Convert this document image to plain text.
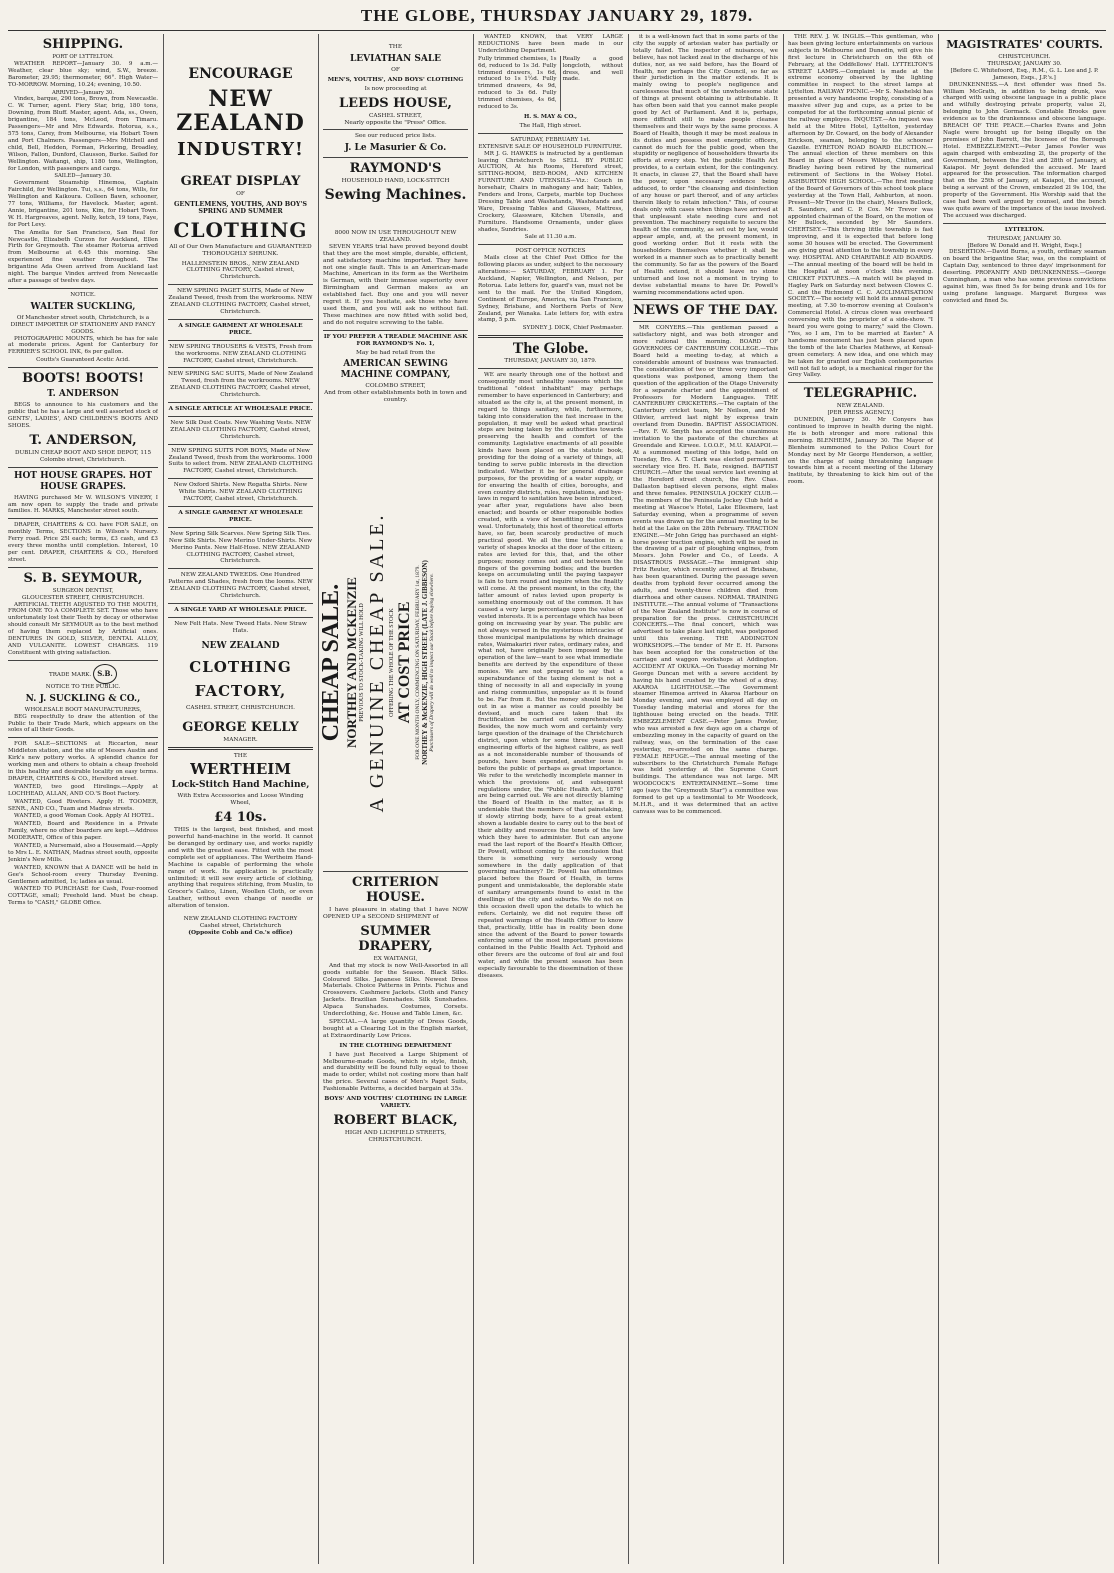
THE GLOBE, THURSDAY JANUARY 29, 1879.
SHIPPING.
PORT OF LYTTELTON.

WEATHER REPORT—January 30. 9 a.m.—Weather, clear blue sky; wind, S.W., breeze. Barometer, 29.95; thermometer, 66°. High Water—TO-MORROW. Morning, 10.24; evening, 10.50.

ARRIVED—January 30.

Vindex, barque, 290 tons, Brown, from Newcastle. C. W. Turner, agent. Fiery Star, brig, 180 tons, Downing, from Bluff. Master, agent. Ada, ss., Owen, brigantine, 184 tons, McLeod, from Timaru. Passengers—Mr and Mrs Edwards. Rotorua, s.s., 575 tons, Carey, from Melbourne, via Hobart Town and Port Chalmers. Passengers—Mrs Mitchell and child, Bell, Hedden, Forman, Pickering, Broadley, Wilson, Fallon, Dunford, Clausson, Burke. Sailed for Wellington. Waitangi, ship, 1180 tons, Wellington, for London, with passengers and cargo.

SAILED—January 30.

Government Steamship Hinemoa, Captain Fairchild, for Wellington. Tui, s.s., 64 tons, Wills, for Wellington and Kaikoura. Colleen Bawn, schooner, 77 tons, Williams, for Havelock. Master, agent. Annie, brigantine, 201 tons, Kim, for Hobart Town. W. H. Hargreaves, agent. Nelly, ketch, 19 tons, Faye, for Port Levy.

The Amelia for San Francisco, San Real for Newcastle, Elizabeth Curzon for Auckland, Ellen Firth for Greymouth. The steamer Rotorua arrived from Melbourne at 6.45 this morning. She experienced fine weather throughout. The brigantine Ada Owen arrived from Auckland last night. The barque Vindex arrived from Newcastle after a passage of twelve days.

NOTICE.
WALTER SUCKLING,
Of Manchester street south, Christchurch, is a DIRECT IMPORTER OF STATIONERY AND FANCY GOODS.

PHOTOGRAPHIC MOUNTS, which he has for sale at moderate prices. Agent for Canterbury for FERRIER'S SCHOOL INK, 6s per gallon.

Coutts's Guaranteed Acetic Acid.
BOOTS! BOOTS!
T. ANDERSON

BEGS to announce to his customers and the public that he has a large and well assorted stock of GENTS', LADIES', AND CHILDREN'S BOOTS AND SHOES.

T. ANDERSON,
DUBLIN CHEAP BOOT AND SHOE DEPOT, 115 Colombo street, Christchurch.
HOT HOUSE GRAPES. HOT HOUSE GRAPES.

HAVING purchased Mr W. WILSON'S VINERY, I am now open to supply the trade and private families. H. MARKS, Manchester street south.

DRAPER, CHARTERS & CO. have FOR SALE, on monthly Terms, SECTIONS in Wilson's Nursery. Ferry road. Price 25l each; terms, £3 cash, and £3 every three months until completion. Interest, 10 per cent. DRAPER, CHARTERS & CO., Hereford street.

S. B. SEYMOUR,
SURGEON DENTIST,
GLOUCESTER STREET, CHRISTCHURCH.

ARTIFICIAL TEETH ADJUSTED TO THE MOUTH, FROM ONE TO A COMPLETE SET. Those who have unfortunately lost their Teeth by decay or otherwise should consult Mr SEYMOUR as to the best method of having them replaced by Artificial ones. DENTURES IN GOLD, SILVER, DENTAL ALLOY, AND VULCANITE. LOWEST CHARGES. 119 Constituent with giving satisfaction.

TRADE MARK. S.B.
NOTICE TO THE PUBLIC.
N. J. SUCKLING & CO.,
WHOLESALE BOOT MANUFACTURERS,

BEG respectfully to draw the attention of the Public to their Trade Mark, which appears on the soles of all their Goods.

FOR SALE—SECTIONS at Riccarton, near Middleton station, and the site of Messrs Austin and Kirk's new pottery works. A splendid chance for working men and others to obtain a cheap freehold in this healthy and desirable locality on easy terms. DRAPER, CHARTERS & CO., Hereford street.

WANTED, two good Hirelings.—Apply at LOCHHEAD, ALLAN, AND CO.'S Boot Factory.

WANTED, Good Riveters. Apply H. TOOMER, SENR., AND CO., Tuam and Madras streets.

WANTED, a good Woman Cook. Apply AI HOTEL.

WANTED, Board and Residence in a Private Family, where no other boarders are kept.—Address MODERATE, Office of this paper.

WANTED, a Nursemaid, also a Housemaid.—Apply to Mrs L. E. NATHAN, Madras street south, opposite Jenkin's New Mills.

WANTED, KNOWN that A DANCE will be held in Gee's School-room every Thursday Evening. Gentlemen admitted, 1s; ladies as usual.

WANTED TO PURCHASE for Cash, Four-roomed COTTAGE, small; Freehold land. Must be cheap. Terms to "CASH," GLOBE Office.

ENCOURAGE
NEW ZEALAND
INDUSTRY!
GREAT DISPLAY
OF
GENTLEMENS, YOUTHS, AND BOY'S SPRING AND SUMMER
CLOTHING
All of Our Own Manufacture and GUARANTEED THOROUGHLY SHRUNK.
HALLENSTEIN BROS., NEW ZEALAND CLOTHING FACTORY, Cashel street, Christchurch.
NEW SPRING PAGET SUITS, Made of New Zealand Tweed, fresh from the workrooms. NEW ZEALAND CLOTHING FACTORY, Cashel street, Christchurch.
A SINGLE GARMENT AT WHOLESALE PRICE.
NEW SPRING TROUSERS & VESTS, Fresh from the workrooms. NEW ZEALAND CLOTHING FACTORY, Cashel street, Christchurch.
NEW SPRING SAC SUITS, Made of New Zealand Tweed, fresh from the workrooms. NEW ZEALAND CLOTHING FACTORY, Cashel street, Christchurch.
A SINGLE ARTICLE AT WHOLESALE PRICE.
New Silk Dust Coats. New Washing Vests. NEW ZEALAND CLOTHING FACTORY, Cashel street, Christchurch.
NEW SPRING SUITS FOR BOYS, Made of New Zealand Tweed, fresh from the workrooms. 1000 Suits to select from. NEW ZEALAND CLOTHING FACTORY, Cashel street, Christchurch.
New Oxford Shirts. New Regatta Shirts. New White Shirts. NEW ZEALAND CLOTHING FACTORY, Cashel street, Christchurch.
A SINGLE GARMENT AT WHOLESALE PRICE.
New Spring Silk Scarves. New Spring Silk Ties. New Silk Shirts. New Merino Under-Shirts. New Merino Pants. New Half-Hose. NEW ZEALAND CLOTHING FACTORY, Cashel street, Christchurch.
NEW ZEALAND TWEEDS. One Hundred Patterns and Shades, fresh from the looms. NEW ZEALAND CLOTHING FACTORY, Cashel street, Christchurch.
A SINGLE YARD AT WHOLESALE PRICE.
New Felt Hats. New Tweed Hats. New Straw Hats.
NEW ZEALAND
CLOTHING FACTORY,
CASHEL STREET, CHRISTCHURCH.
GEORGE KELLY
MANAGER.
THE
WERTHEIM
Lock-Stitch Hand Machine,
With Extra Accessories and Loose Winding Wheel,
£4 10s.

THIS is the largest, best finished, and most powerful hand-machine in the world. It cannot be deranged by ordinary use, and works rapidly and with the greatest ease. Fitted with the most complete set of appliances. The Wertheim Hand-Machine is capable of performing the whole range of work. Its application is practically unlimited; it will sew every article of clothing, anything that requires stitching, from Muslin, to Grocer's Calico, Linen, Woollen Cloth, or even Leather, without even change of needle or alteration of tension.

NEW ZEALAND CLOTHING FACTORY
Cashel street, Christchurch
(Opposite Cobb and Co.'s office)
THE
LEVIATHAN SALE
OF
MEN'S, YOUTHS', AND BOYS' CLOTHING
Is now proceeding at
LEEDS HOUSE,
CASHEL STREET,
Nearly opposite the "Press" Office.
See our reduced price lists.
J. Le Masurier & Co.
RAYMOND'S
HOUSEHOLD HAND, LOCK-STITCH
Sewing Machines.
8000 NOW IN USE THROUGHOUT NEW ZEALAND.

SEVEN YEARS trial have proved beyond doubt that they are the most simple, durable, efficient, and satisfactory machine imported. They have not one single fault. This is an American-made Machine, American in its form as the Wertheim is German, with their immense superiority over Birmingham and German makes as an established fact. Buy one and you will never regret it. If you hesitate, ask those who have used them, and you will ask no without fail. These machines are now fitted with solid bed, and do not require screwing to the table.

IF YOU PREFER A TREADLE MACHINE ASK FOR RAYMOND'S No. 1,
May be had retail from the
AMERICAN SEWING MACHINE COMPANY,
COLOMBO STREET,
And from other establishments both in town and country.
CHEAP SALE. NORTHEY AND MCKENZIE PREVIOUS TO STOCK-TAKING WILL HOLD A GENUINE CHEAP SALE. OFFERING THE WHOLE OF THE STOCK AT COST PRICE FOR ONE MONTH ONLY, COMMENCING ON SATURDAY, FEBRUARY 1st, 1879. NORTHEY & McKENZIE, HIGH STREET, (LATE J. GIBBESON) Purchasers of Drapery will do well to inspect our Stock before buying elsewhere.
CRITERION HOUSE.

I have pleasure in stating that I have NOW OPENED UP a SECOND SHIPMENT of

SUMMER DRAPERY,
EX WAITANGI,

And that my stock is now Well-Assorted in all goods suitable for the Season. Black Silks. Coloured Silks. Japanese Silks. Newest Dress Materials. Choice Patterns in Prints. Fichus and Crossovers. Cashmere Jackets. Cloth and Fancy Jackets. Brazilian Sunshades. Silk Sunshades. Alpaca Sunshades. Costumes, Corsets. Underclothing, &c. House and Table Linen, &c.

SPECIAL.—A large quantity of Dress Goods, bought at a Clearing Lot in the English market, at Extraordinarily Low Prices.

IN THE CLOTHING DEPARTMENT

I have just Received a Large Shipment of Melbourne-made Goods, which in style, finish, and durability will be found fully equal to those made to order, whilst not costing more than half the price. Several cases of Men's Paget Suits, Fashionable Patterns, a decided bargain at 35s.

BOYS' AND YOUTHS' CLOTHING IN LARGE VARIETY.
ROBERT BLACK,
HIGH AND LICHFIELD STREETS, CHRISTCHURCH.

WANTED KNOWN, that VERY LARGE REDUCTIONS have been made in our Underclothing Department.

Fully trimmed chemises, 1s 6d, reduced to 1s 3d. Fully trimmed drawers, 1s 6d, reduced to 1s 1½d. Fully trimmed drawers, 4s 9d, reduced to 3s 6d. Fully trimmed chemises, 4s 6d, reduced to 3s.
Really a good longcloth, without dress, and well made.
H. S. MAY & CO.,
The Hall, High street.
SATURDAY, FEBRUARY 1st.
EXTENSIVE SALE OF HOUSEHOLD FURNITURE.

MR J. G. HAWKES is instructed by a gentleman leaving Christchurch to SELL BY PUBLIC AUCTION, At his Rooms, Hereford street, SITTING-ROOM, BED-ROOM, AND KITCHEN FURNITURE AND UTENSILS—Viz.: Couch in horsehair, Chairs in mahogany and hair, Tables, Fenders and Irons, Carpets, marble top Duchess Dressing Table and Washstands, Washstands and Ware, Dressing Tables and Glasses, Mattress, Crockery, Glassware, Kitchen Utensils, and Furniture. Handsome Ornaments, under glass shades, Sundries.

Sale at 11.30 a.m.
POST OFFICE NOTICES

Mails close at the Chief Post Office for the following places as under, subject to the necessary alterations:— SATURDAY, FEBRUARY 1. For Auckland, Napier, Wellington, and Nelson, per Rotorua. Late letters for, guard's van, must not be sent to the mail. For the United Kingdom, Continent of Europe, America, via San Francisco, Sydney, Brisbane, and Northern Ports of New Zealand, per Wanaka. Late letters for, with extra stamp, 5 p.m.

SYDNEY J. DICK, Chief Postmaster.
The Globe.
THURSDAY, JANUARY 30, 1879.

WE are nearly through one of the hottest and consequently most unhealthy seasons which the traditional "oldest inhabitant" may perhaps remember to have experienced in Canterbury; and situated as the city is, at the present moment, in regard to things sanitary, while, furthermore, taking into consideration the fast increase in the population, it may well be asked what practical steps are being taken by the authorities towards preserving the health and comfort of the community. Legislative enactments of all possible kinds have been placed on the statute book, providing for the doing of a variety of things, all tending to serve public interests in the direction indicated. Whether it be for general drainage purposes, for the providing of a water supply, or for ensuring the health of cities, boroughs, and even country districts, rules, regulations, and bye-laws in regard to sanitation have been introduced, year after year, regulations have also been enacted; and boards or other responsible bodies created, with a view of benefitting the common weal. Unfortunately, this host of theoretical efforts have, so far, been scarcely productive of much practical good. We all the time taxation in a variety of shapes knocks at the door of the citizen; rates are levied for this, that, and the other purpose; money comes out and out between the fingers of the governing bodies; and the burden keeps on accumulating until the paying taxpayer is fain to turn round and inquire when the finality will come. At the present moment, in the city, the latter amount of rates levied upon property is something enormously out of the common. It has caused a very large percentage upon the value of vested interests. It is a percentage which has been going on increasing year by year. The public are not always versed in the mysterious intricacies of those municipal manipulations by which drainage rates, Waimakariri river rates, ordinary rates, and what not, have originally been imposed by the operation of the law—want to see what immediate benefits are derived by the expenditure of these monies. We are not prepared to say that a superabundance of the taxing element is not a thing of necessity in all and especially in young and rising communities, unpopular as it is found to be. Far from it. But the money should be laid out in as wise a manner as could possibly be devised, and much care taken that its fructification be carried out comprehensively. Besides, the now much worn and certainly very large question of the drainage of the Christchurch district, upon which for some three years past engineering efforts of the highest calibre, as well as a not inconsiderable number of thousands of pounds, have been expended, another issue is before the public of perhaps as great importance. We refer to the wretchedly incomplete manner in which the provisions of, and subsequent regulations under, the "Public Health Act, 1876" are being carried out. We are not directly blaming the Board of Health in the matter, as it is undeniable that the members of that painstaking, if slowly stirring body, have to a great extent shown a laudable desire to carry out to the best of their ability and resources the tenets of the law which they have to administer. But can anyone read the last report of the Board's Health Officer, Dr Powell, without coming to the conclusion that there is something very seriously wrong somewhere in the daily application of that governing machinery? Dr. Powell has oftentimes placed before the Board of Health, in terms pungent and unmistakeable, the deplorable state of sanitary arrangements found to exist in the dwellings of the city and suburbs. We do not on this occasion dwell upon the details to which he refers. Certainly, we did not require these off repeated warnings of the Health Officer to know that, practically, little has in reality been done since the advent of the Board to power towards enforcing some of the most important provisions contained in the Public Health Act. Typhoid and other fevers are the outcome of foul air and foul water, and while the present season has been especially favourable to the dissemination of these diseases.

it is a well-known fact that in some parts of the city the supply of artesian water has partially or totally failed. The inspector of nuisances, we believe, has not lacked zeal in the discharge of his duties, nor, as we said before, has the Board of Health, nor perhaps the City Council, so far as their jurisdiction in the matter extends. It is mainly owing to people's negligence and carelessness that much of the unwholesome state of things at present obtaining is attributable. It has often been said that you cannot make people good by Act of Parliament. And it is, perhaps, more difficult still to make people cleanse themselves and their ways by the same process. A Board of Health, though it may be most zealous in its duties and possess most energetic officers, cannot do much for the public good, when the stupidity or negligence of householders thwarts its efforts at every step. Yet the public Health Act provides, to a certain extent, for the contingency. It enacts, in clause 27, that the Board shall have the power, upon necessary evidence being adduced, to order "the cleansing and disinfection of any house or part thereof, and of any articles therein likely to retain infection." This, of course deals only with cases when things have arrived at that unpleasant state needing cure and not prevention. The machinery requisite to secure the health of the community, as set out by law, would appear ample, and, at the present moment, in good working order. But it rests with the householders themselves whether it shall be worked in a manner such as to practically benefit the community. So far as the powers of the Board of Health extend, it should leave no stone unturned and lose not a moment in trying to devise substantial means to have Dr. Powell's warning recommendations acted upon.

NEWS OF THE DAY.

MR CONYERS.—This gentleman passed a satisfactory night, and was both stronger and more rational this morning. BOARD OF GOVERNORS OF CANTERBURY COLLEGE.—This Board held a meeting to-day, at which a considerable amount of business was transacted. The consideration of two or three very important questions was postponed, among them the question of the application of the Otago University for a separate charter and the appointment of Professors for Modern Languages. THE CANTERBURY CRICKETERS.—The captain of the Canterbury cricket team, Mr Neilson, and Mr Ollivier, arrived last night by express train overland from Dunedin. BAPTIST ASSOCIATION.—Rev. F. W. Smyth has accepted the unanimous invitation to the pastorate of the churches at Greendale and Kirwee. I.O.O.F., M.U. KAIAPOI.—At a summoned meeting of this lodge, held on Tuesday, Bro. A. T. Clark was elected permanent secretary vice Bro. H. Bate, resigned. BAPTIST CHURCH.—After the usual service last evening at the Hereford street church, the Rev. Chas. Dallaston baptised eleven persons, eight males and three females. PENINSULA JOCKEY CLUB.—The members of the Peninsula Jockey Club held a meeting at Wascoe's Hotel, Lake Ellesmere, last Saturday evening, when a programme of seven events was drawn up for the annual meeting to be held at the Lake on the 28th February. TRACTION ENGINE.—Mr John Grigg has purchased an eight-horse power traction engine, which will be used in the drawing of a pair of ploughing engines, from Messrs. John Fowler and Co., of Leeds. A DISASTROUS PASSAGE.—The immigrant ship Fritz Reuter, which recently arrived at Brisbane, has been quarantined. During the passage seven deaths from typhoid fever occurred among the adults, and twenty-three children died from diarrhoea and other causes. NORMAL TRAINING INSTITUTE.—The annual volume of "Transactions of the New Zealand Institute" is now in course of preparation for the press. CHRISTCHURCH CONCERTS.—The final concert, which was advertised to take place last night, was postponed until this evening. THE ADDINGTON WORKSHOPS.—The tender of Mr E. H. Parsons has been accepted for the construction of the carriage and waggon workshops at Addington. ACCIDENT AT OKUKA.—On Tuesday morning Mr George Duncan met with a severe accident by having his hand crushed by the wheel of a dray. AKAROA LIGHTHOUSE.—The Government steamer Hinemoa arrived in Akaroa Harbour on Monday evening, and was employed all day on Tuesday landing material and stores for the lighthouse being erected on the heads. THE EMBEZZLEMENT CASE.—Peter James Fowler, who was arrested a few days ago on a charge of embezzling money in the capacity of guard on the railway, was, on the termination of the case yesterday, re-arrested on the same charge. FEMALE REFUGE.—The annual meeting of the subscribers to the Christchurch Female Refuge was held yesterday at the Supreme Court buildings. The attendance was not large. MR WOODCOCK'S ENTERTAINMENT.—Some time ago (says the "Greymouth Star") a committee was formed to get up a testimonial to Mr Woodcock, M.H.R., and it was determined that an active canvass was to be commenced.

THE REV. J. W. INGLIS.—This gentleman, who has been giving lecture entertainments on various subjects in Melbourne and Dunedin, will give his first lecture in Christchurch on the 6th of February, at the Oddfellows' Hall. LYTTELTON'S STREET LAMPS.—Complaint is made at the extreme economy observed by the lighting committee in respect to the street lamps at Lyttelton. RAILWAY PICNIC.—Mr S. Nashelski has presented a very handsome trophy, consisting of a massive silver jug and cups, as a prize to be competed for at the forthcoming annual picnic of the railway employes. INQUEST.—An inquest was held at the Mitre Hotel, Lyttelton, yesterday afternoon by Dr. Coward, on the body of Alexander Erickson, seaman, belonging to the schooner Gazelle. EYRETON ROAD BOARD ELECTION.—The annual election of three members on this Board in place of Messrs Wilson, Chilton, and Bradley having been retired by the numerical retirement of Sections in the Wolsey Hotel. ASHBURTON HIGH SCHOOL.—The first meeting of the Board of Governors of this school took place yesterday at the Town Hall, Ashburton, at noon. Present—Mr Trevor (in the chair), Messrs Bullock, R. Saunders, and C. P. Cox. Mr Trevor was appointed chairman of the Board, on the motion of Mr Bullock, seconded by Mr Saunders. CHERTSEY.—This thriving little township is fast improving, and it is expected that before long some 30 houses will be erected. The Government are giving great attention to the township in every way. HOSPITAL AND CHARITABLE AID BOARDS.—The annual meeting of the board will be held in the Hospital at noon o'clock this evening. CRICKET FIXTURES.—A match will be played in Hagley Park on Saturday next between Clowes C. C. and the Richmond C. C. ACCLIMATISATION SOCIETY.—The society will hold its annual general meeting, at 7.30 to-morrow evening at Coulson's Commercial Hotel. A circus clown was overheard conversing with the proprietor of a side-show. "I heard you were going to marry," said the Clown. "Yes, so I am, I'm to be married at Easter." A handsome monument has just been placed upon the tomb of the late Charles Mathews, at Kensal-green cemetery. A new idea, and one which may be taken for granted our English contemporaries will not fail to adopt, is a mechanical ringer for the Grey Valley.

TELEGRAPHIC.
NEW ZEALAND.
[PER PRESS AGENCY.]

DUNEDIN, January 30. Mr Conyers has continued to improve in health during the night. He is both stronger and more rational this morning. BLENHEIM, January 30. The Mayor of Blenheim summoned to the Police Court for Monday next by Mr George Henderson, a settler, on the charge of using threatening language towards him at a recent meeting of the Literary Institute, by threatening to kick him out of the room.

MAGISTRATES' COURTS.
CHRISTCHURCH.
THURSDAY, JANUARY 30.
[Before C. Whitefoord, Esq., R.M., G. L. Lee and J. P. Jameson, Esqs., J.P.'s.]

DRUNKENNESS.—A first offender was fined 5s. William McGrath, in addition to being drunk, was charged with using obscene language in a public place and wilfully destroying private property, value 2l, belonging to John Gormack. Constable Brooks gave evidence as to the drunkenness and obscene language. BREACH OF THE PEACE.—Charles Evans and John Nagle were brought up for being illegally on the premises of John Barrett, the licensee of the Borough Hotel. EMBEZZLEMENT.—Peter James Fowler was again charged with embezzling 2l, the property of the Government, between the 21st and 28th of January, at Kaiapoi. Mr Joynt defended the accused. Mr Izard appeared for the prosecution. The information charged that on the 25th of January, at Kaiapoi, the accused, being a servant of the Crown, embezzled 2l 9s 10d, the property of the Government. His Worship said that the case had been well argued by counsel, and the bench was quite aware of the importance of the issue involved. The accused was discharged.

LYTTELTON.
THURSDAY, JANUARY 30.
[Before W. Donald and H. Wright, Esqs.]

DESERTION.—David Burns, a youth, ordinary seaman on board the brigantine Star, was, on the complaint of Captain Day, sentenced to three days' imprisonment for deserting. PROFANITY AND DRUNKENNESS.—George Cunningham, a man who has some previous convictions against him, was fined 5s for being drunk and 10s for using profane language. Margaret Burgess was convicted and fined 5s.
